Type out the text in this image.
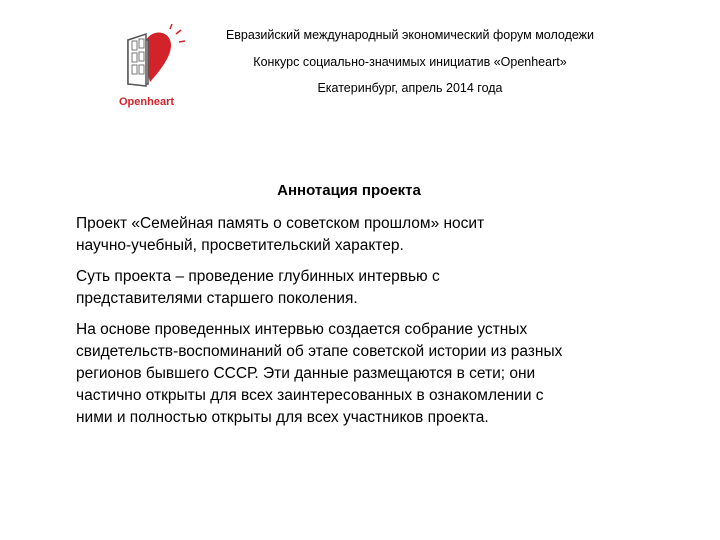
Openheart
Евразийский международный экономический форум молодежи
Конкурс социально-значимых инициатив «Openheart»
Екатеринбург, апрель 2014 года
Аннотация проекта

Проект «Семейная память о советском прошлом» носит
научно-учебный, просветительский характер.

Суть проекта – проведение глубинных интервью с
представителями старшего поколения.

На основе проведенных интервью создается собрание устных
свидетельств-воспоминаний об этапе советской истории из разных
регионов бывшего СССР. Эти данные размещаются в сети; они
частично открыты для всех заинтересованных в ознакомлении с
ними и полностью открыты для всех участников проекта.
